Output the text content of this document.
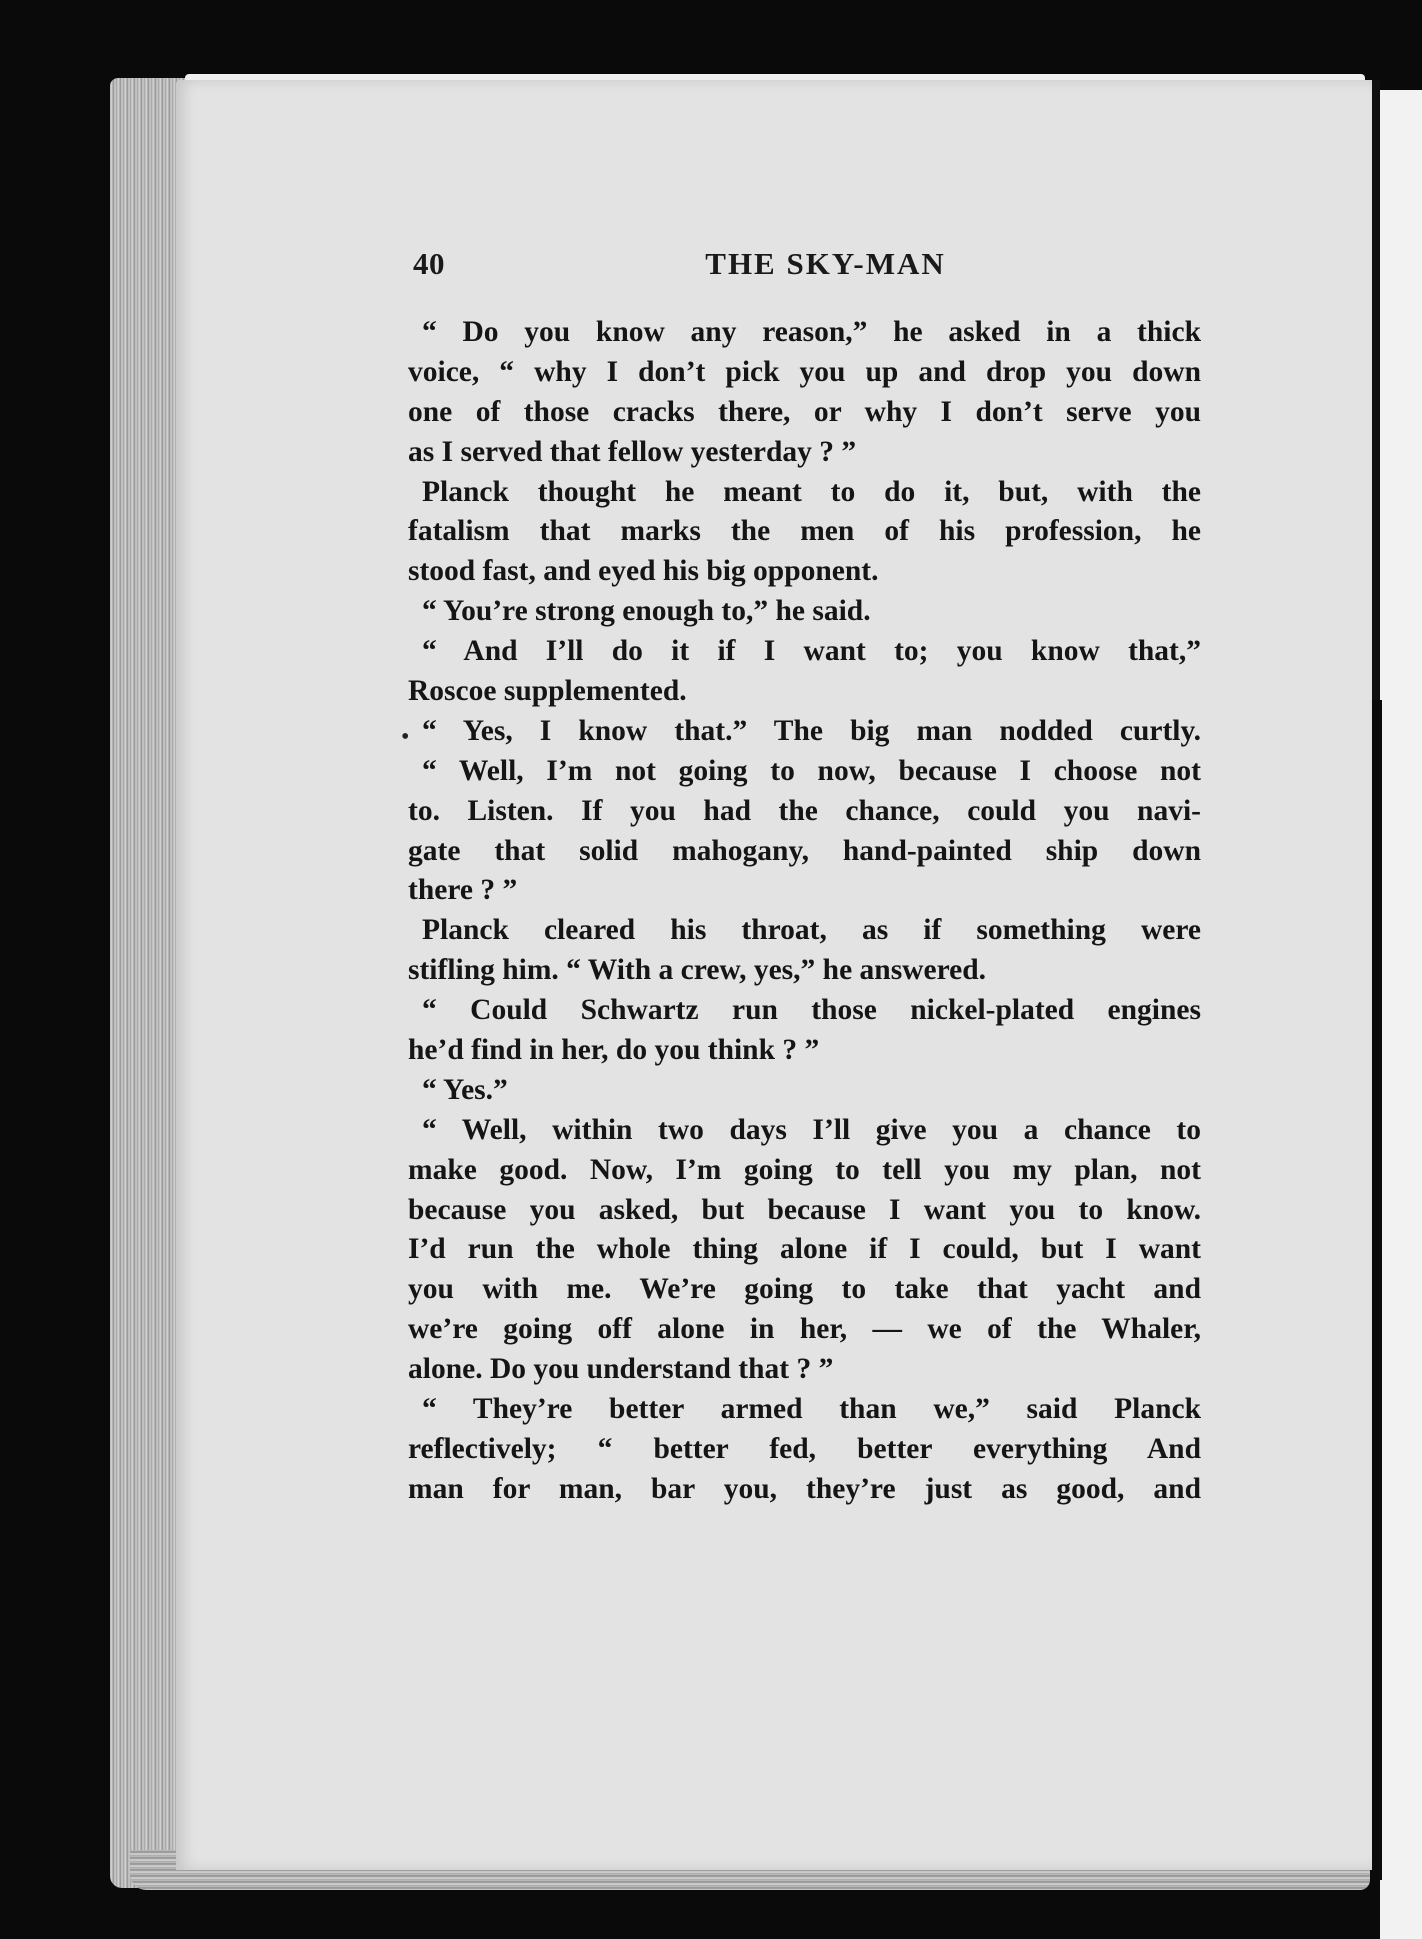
40	THE SKY-MAN
•
“ Do you know any reason,” he asked in a thick
voice, “ why I don’t pick you up and drop you down
one of those cracks there, or why I don’t serve you
as I served that fellow yesterday ? ”
Planck thought he meant to do it, but, with the
fatalism that marks the men of his profession, he
stood fast, and eyed his big opponent.
“ You’re strong enough to,” he said.
“ And I’ll do it if I want to; you know that,”
Roscoe supplemented.
“ Yes, I know that.” The big man nodded curtly.
“ Well, I’m not going to now, because I choose not
to. Listen. If you had the chance, could you navi-
gate that solid mahogany, hand-painted ship down
there ? ”
Planck cleared his throat, as if something were
stifling him. “ With a crew, yes,” he answered.
“ Could Schwartz run those nickel-plated engines
he’d find in her, do you think ? ”
“ Yes.”
“ Well, within two days I’ll give you a chance to
make good. Now, I’m going to tell you my plan, not
because you asked, but because I want you to know.
I’d run the whole thing alone if I could, but I want
you with me. We’re going to take that yacht and
we’re going off alone in her, — we of the Whaler,
alone. Do you understand that ? ”
“ They’re better armed than we,” said Planck
reflectively; “ better fed, better everything And
man for man, bar you, they’re just as good, and
